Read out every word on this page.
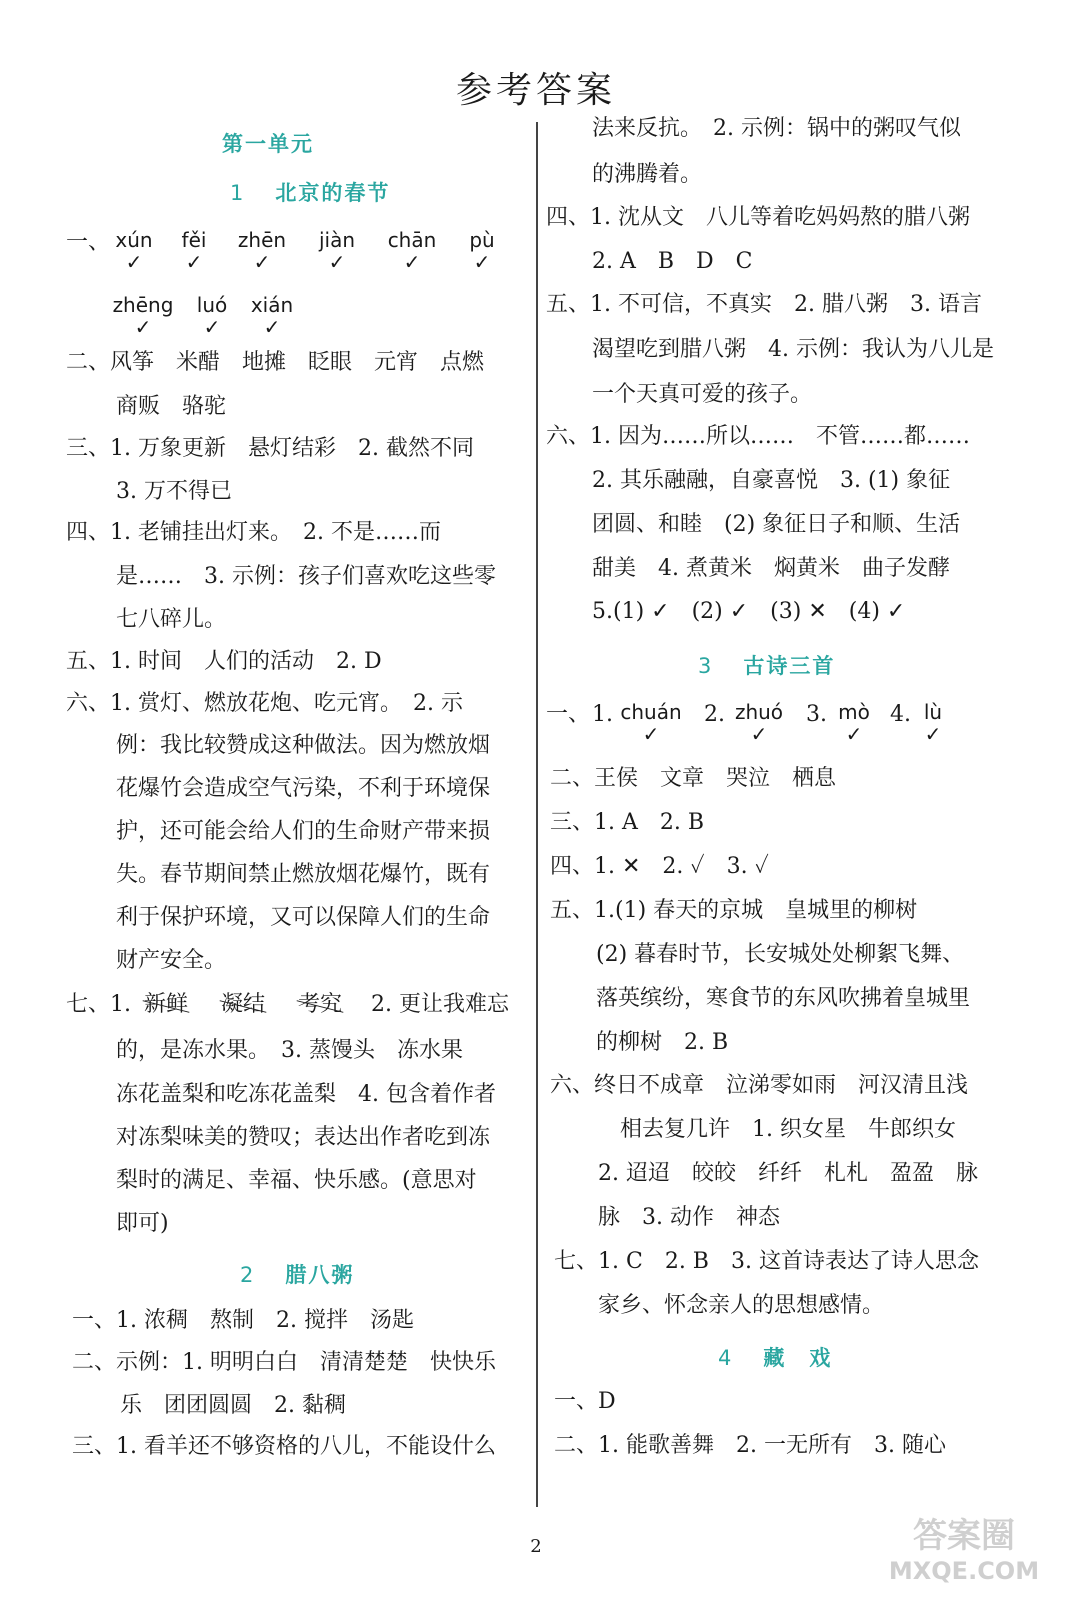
参考答案
第一单元
1 北京的春节
一、 xún
✓
fěi
✓
zhēn
✓
jiàn
✓
chān
✓
pù
✓
zhēng
✓
luó
✓
xián
✓
二、风筝　米醋　地摊　眨眼　元宵　点燃
商贩　骆驼
三、1. 万象更新　悬灯结彩　2. 截然不同
3. 万不得已
四、1. 老铺挂出灯来。　2. 不是……而
是……　3. 示例：孩子们喜欢吃这些零
七八碎儿。
五、1. 时间　人们的活动　2. D
六、1. 赏灯、燃放花炮、吃元宵。　2. 示
例：我比较赞成这种做法。因为燃放烟
花爆竹会造成空气污染，不利于环境保
护，还可能会给人们的生命财产带来损
失。春节期间禁止燃放烟花爆竹，既有
利于保护环境，又可以保障人们的生命
财产安全。
七、1. 新鲜 凝结 考究 2. 更让我难忘
的，是冻水果。　3. 蒸馒头　冻水果
冻花盖梨和吃冻花盖梨　4. 包含着作者
对冻梨味美的赞叹；表达出作者吃到冻
梨时的满足、幸福、快乐感。(意思对
即可)
2 腊八粥
一、1. 浓稠　熬制　2. 搅拌　汤匙
二、示例：1. 明明白白　清清楚楚　快快乐
乐　团团圆圆　2. 黏稠
三、1. 看羊还不够资格的八儿，不能设什么
法来反抗。　2. 示例：锅中的粥叹气似
的沸腾着。
四、1. 沈从文　八儿等着吃妈妈熬的腊八粥
2. A　B　D　C
五、1. 不可信，不真实　2. 腊八粥　3. 语言
渴望吃到腊八粥　4. 示例：我认为八儿是
一个天真可爱的孩子。
六、1. 因为……所以……　不管……都……
2. 其乐融融，自豪喜悦　3. (1) 象征
团圆、和睦　(2) 象征日子和顺、生活
甜美　4. 煮黄米　焖黄米　曲子发酵
5.(1) ✓　(2) ✓　(3) ✕　(4) ✓
3 古诗三首
一、 1. chuán
✓
2. zhuó
✓
3. mò
✓
4. lù
✓
二、王侯　文章　哭泣　栖息
三、1. A　2. B
四、1. ✕　2. ✓　3. ✓
五、1.(1) 春天的京城　皇城里的柳树
(2) 暮春时节，长安城处处柳絮飞舞、
落英缤纷，寒食节的东风吹拂着皇城里
的柳树　2. B
六、终日不成章　泣涕零如雨　河汉清且浅
相去复几许　1. 织女星　牛郎织女
2. 迢迢　皎皎　纤纤　札札　盈盈　脉
脉　3. 动作　神态
七、1. C　2. B　3. 这首诗表达了诗人思念
家乡、怀念亲人的思想感情。
4 藏　戏
一、D
二、1. 能歌善舞　2. 一无所有　3. 随心
2	答案圈
MXQE.COM
